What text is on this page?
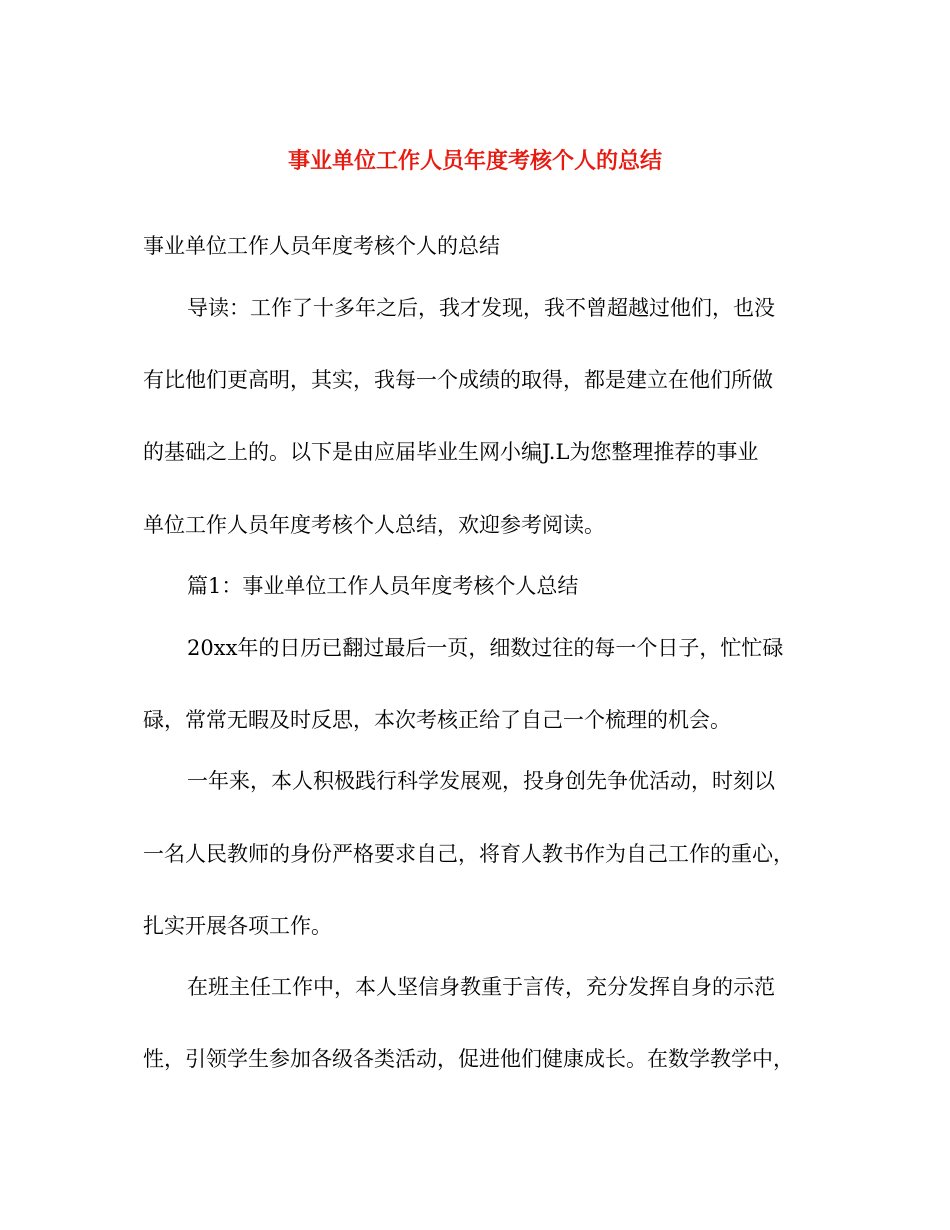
事业单位工作人员年度考核个人的总结
事业单位工作人员年度考核个人的总结
导读：工作了十多年之后，我才发现，我不曾超越过他们，也没
有比他们更高明，其实，我每一个成绩的取得，都是建立在他们所做
的基础之上的。以下是由应届毕业生网小编J.L为您整理推荐的事业
单位工作人员年度考核个人总结，欢迎参考阅读。
篇1：事业单位工作人员年度考核个人总结
20xx年的日历已翻过最后一页，细数过往的每一个日子，忙忙碌
碌，常常无暇及时反思，本次考核正给了自己一个梳理的机会。
一年来，本人积极践行科学发展观，投身创先争优活动，时刻以
一名人民教师的身份严格要求自己，将育人教书作为自己工作的重心，
扎实开展各项工作。
在班主任工作中，本人坚信身教重于言传，充分发挥自身的示范
性，引领学生参加各级各类活动，促进他们健康成长。在数学教学中，
